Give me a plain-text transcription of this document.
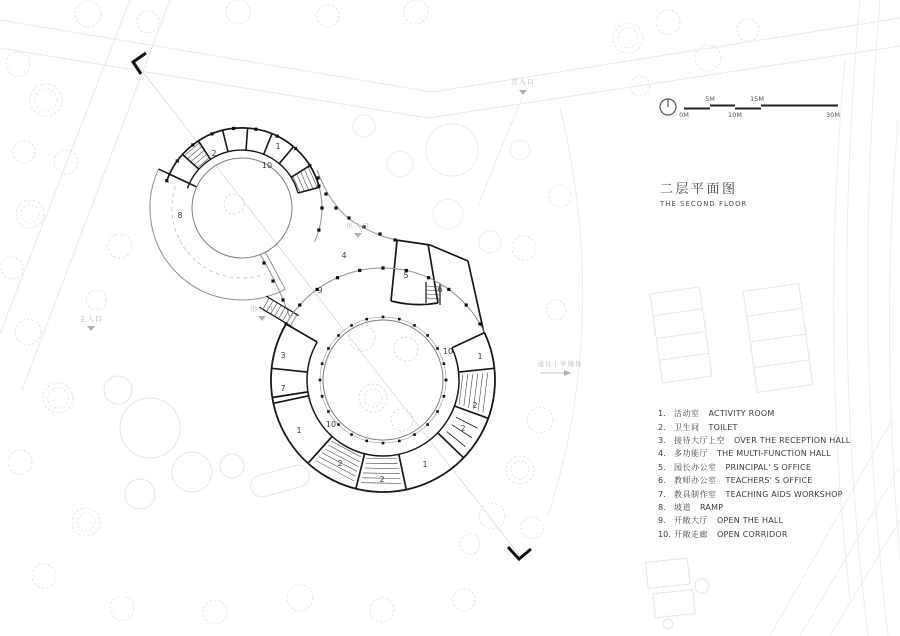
次入口
出入口
出入口
主入口
通往小学操场
2
1
10
8
4
9
5
6
3
7
1
10
2
2
1
2
2
10
1
5M	15M
0M	10M	30M
二层平面图
THE SECOND FLOOR
1.	活动室 ACTIVITY ROOM
2.	卫生间 TOILET
3.	接待大厅上空 OVER THE RECEPTION HALL
4.	多功能厅 THE MULTI-FUNCTION HALL
5.	园长办公室 PRINCIPAL' S OFFICE
6.	教师办公室 TEACHERS' S OFFICE
7.	教具制作室 TEACHING AIDS WORKSHOP
8.	坡道 RAMP
9.	开敞大厅 OPEN THE HALL
10. 开敞走廊 OPEN CORRIDOR
